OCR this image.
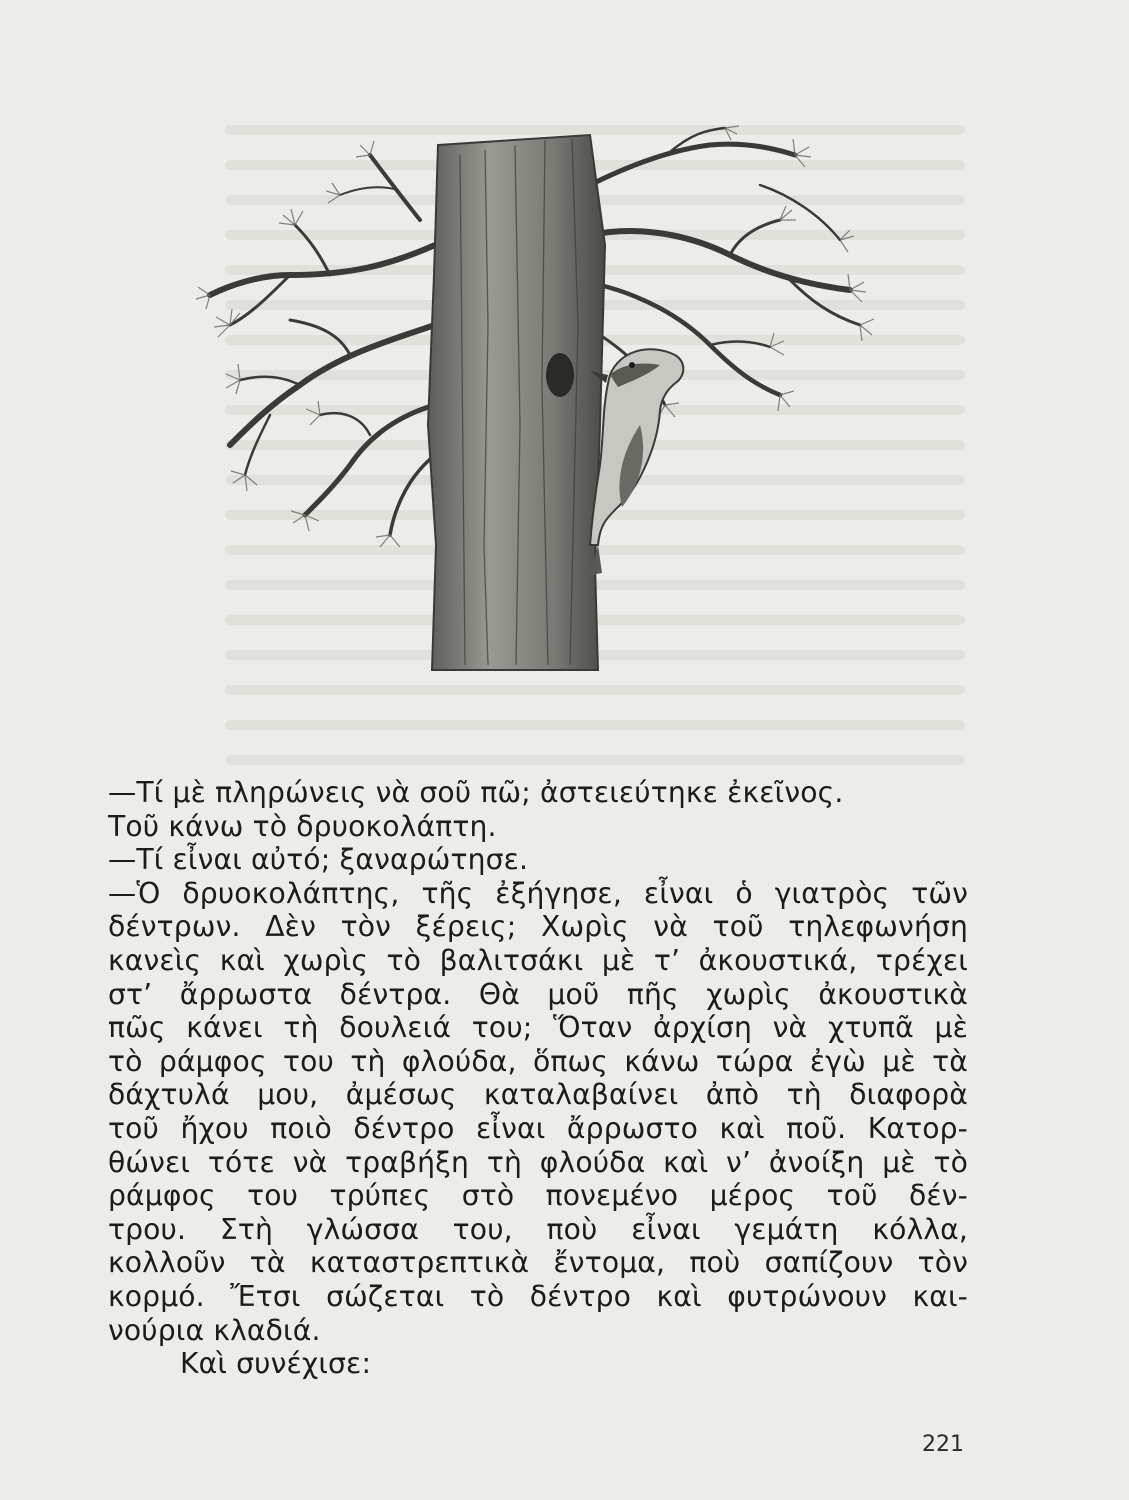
—Τί μὲ πληρώνεις νὰ σοῦ πῶ; ἀστειεύτηκε ἐκεῖνος.
Τοῦ κάνω τὸ δρυοκολάπτη.
—Τί εἶναι αὐτό; ξαναρώτησε.
—Ὁ δρυοκολάπτης, τῆς ἐξήγησε, εἶναι ὁ γιατρὸς τῶν
δέντρων. Δὲν τὸν ξέρεις; Χωρὶς νὰ τοῦ τηλεφωνήση
κανεὶς καὶ χωρὶς τὸ βαλιτσάκι μὲ τ’ ἀκουστικά, τρέχει
στ’ ἄρρωστα δέντρα. Θὰ μοῦ πῆς χωρὶς ἀκουστικὰ
πῶς κάνει τὴ δουλειά του; Ὅταν ἀρχίση νὰ χτυπᾶ μὲ
τὸ ράμφος του τὴ φλούδα, ὅπως κάνω τώρα ἐγὼ μὲ τὰ
δάχτυλά μου, ἀμέσως καταλαβαίνει ἀπὸ τὴ διαφορὰ
τοῦ ἤχου ποιὸ δέντρο εἶναι ἄρρωστο καὶ ποῦ. Κατορ-
θώνει τότε νὰ τραβήξη τὴ φλούδα καὶ ν’ ἀνοίξη μὲ τὸ
ράμφος του τρύπες στὸ πονεμένο μέρος τοῦ δέν-
τρου. Στὴ γλώσσα του, ποὺ εἶναι γεμάτη κόλλα,
κολλοῦν τὰ καταστρεπτικὰ ἔντομα, ποὺ σαπίζουν τὸν
κορμό. Ἔτσι σώζεται τὸ δέντρο καὶ φυτρώνουν και-
νούρια κλαδιά.
Καὶ συνέχισε:
221
